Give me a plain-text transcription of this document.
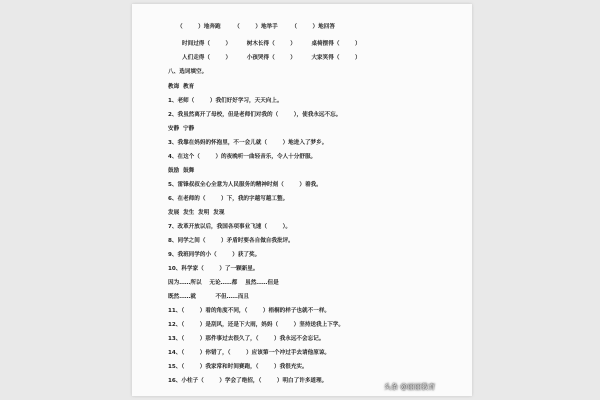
（        ）地奔跑       （        ）地举手       （        ）地回答
时间过得（        ）        树木长得（        ）        桌椅摆得（        ）
人们走得（        ）        小孩哭得（        ）        大家笑得（        ）
八、选词填空。
教诲  教育
1、老师（        ）我们好好学习，天天向上。
2、我虽然离开了母校，但是老师们对我的（        ），使我永远不忘。
安静  宁静
3、我靠在妈妈的怀抱里，不一会儿就（        ）地进入了梦乡。
4、在这个（        ）的夜晚听一曲轻音乐，令人十分舒服。
鼓励  鼓舞
5、雷锋叔叔全心全意为人民服务的精神时刻（        ）着我。
6、在老师的（        ）下，我的字越写越工整。
发展  发生  发明  发现
7、改革开放以后，我国各项事业飞速（        ）。
8、同学之间（        ）矛盾时要各自做自我批评。
9、我班同学的小（        ）获了奖。
10、科学家（        ）了一颗新星。
因为……所以    无论……都    虽然……但是
既然……就          不但……而且
11、（        ）看的角度不同，（        ）梧桐的样子也就不一样。
12、（        ）是刮风，还是下大雨，妈妈（        ）坚持送我上下学。
13、（        ）那件事过去很久了，（        ）我永远不会忘记。
14、（        ）你错了，（        ）应该第一个冲过手去请他原谅。
15、（        ）我家常和时间赛跑，（        ）我很充实。
16、小柱子（        ）学会了绝招，（        ）明白了许多道理。
头条 @丽丽教育
